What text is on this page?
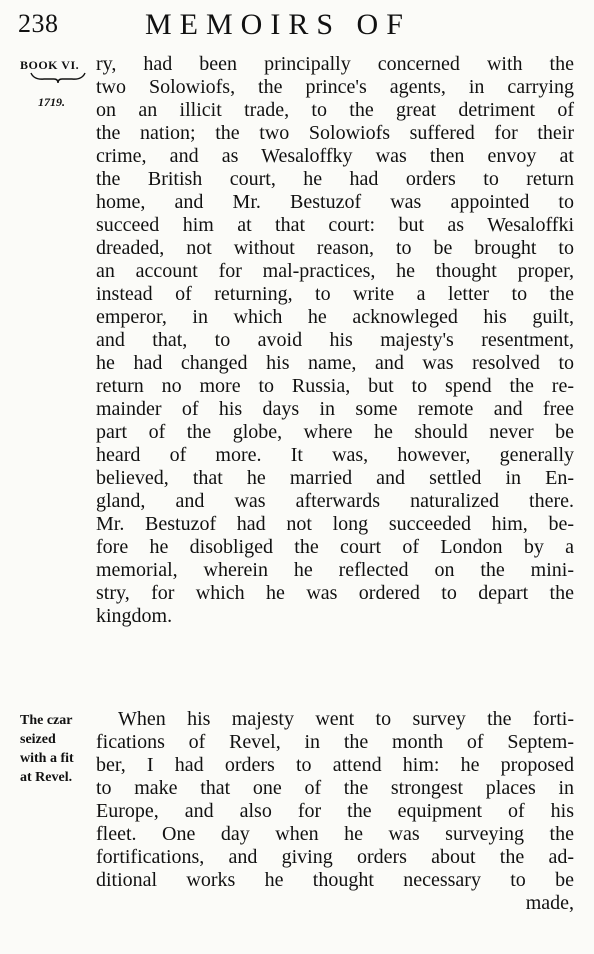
238	MEMOIRS OF
BOOK VI.
1719.
The czar
seized
with a fit
at Revel.
ry, had been principally concerned with the
two Solowiofs, the prince's agents, in carrying
on an illicit trade, to the great detriment of
the nation; the two Solowiofs suffered for their
crime, and as Wesaloffky was then envoy at
the British court, he had orders to return
home, and Mr. Bestuzof was appointed to
succeed him at that court: but as Wesaloffki
dreaded, not without reason, to be brought to
an account for mal-practices, he thought proper,
instead of returning, to write a letter to the
emperor, in which he acknowleged his guilt,
and that, to avoid his majesty's resentment,
he had changed his name, and was resolved to
return no more to Russia, but to spend the re-
mainder of his days in some remote and free
part of the globe, where he should never be
heard of more. It was, however, generally
believed, that he married and settled in En-
gland, and was afterwards naturalized there.
Mr. Bestuzof had not long succeeded him, be-
fore he disobliged the court of London by a
memorial, wherein he reflected on the mini-
stry, for which he was ordered to depart the
kingdom.
When his majesty went to survey the forti-
fications of Revel, in the month of Septem-
ber, I had orders to attend him: he proposed
to make that one of the strongest places in
Europe, and also for the equipment of his
fleet. One day when he was surveying the
fortifications, and giving orders about the ad-
ditional works he thought necessary to be
made,
